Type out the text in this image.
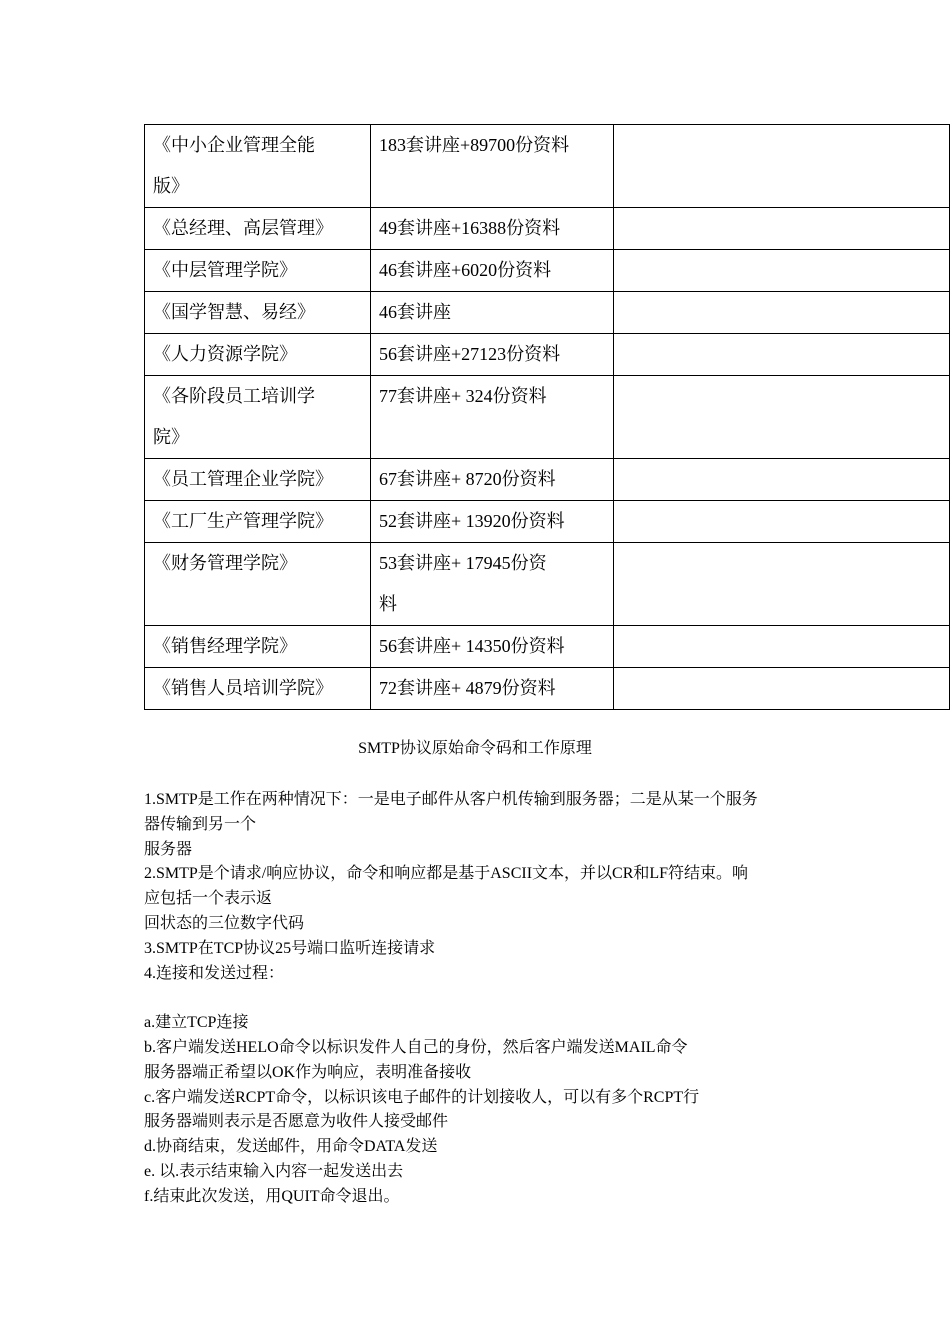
《中小企业管理全能
版》	183套讲座+89700份资料	

《总经理、高层管理》	49套讲座+16388份资料	

《中层管理学院》	46套讲座+6020份资料	

《国学智慧、易经》	46套讲座	

《人力资源学院》	56套讲座+27123份资料	

《各阶段员工培训学
院》	77套讲座+ 324份资料	

《员工管理企业学院》	67套讲座+ 8720份资料	

《工厂生产管理学院》	52套讲座+ 13920份资料	

《财务管理学院》	53套讲座+ 17945份资
料	

《销售经理学院》	56套讲座+ 14350份资料	

《销售人员培训学院》	72套讲座+ 4879份资料	

SMTP协议原始命令码和工作原理
1.SMTP是工作在两种情况下：一是电子邮件从客户机传输到服务器；二是从某一个服务
器传输到另一个
服务器
2.SMTP是个请求/响应协议，命令和响应都是基于ASCII文本，并以CR和LF符结束。响
应包括一个表示返
回状态的三位数字代码
3.SMTP在TCP协议25号端口监听连接请求
4.连接和发送过程：
a.建立TCP连接
b.客户端发送HELO命令以标识发件人自己的身份，然后客户端发送MAIL命令
服务器端正希望以OK作为响应，表明准备接收
c.客户端发送RCPT命令，以标识该电子邮件的计划接收人，可以有多个RCPT行
服务器端则表示是否愿意为收件人接受邮件
d.协商结束，发送邮件，用命令DATA发送
e. 以.表示结束输入内容一起发送出去
f.结束此次发送，用QUIT命令退出。
